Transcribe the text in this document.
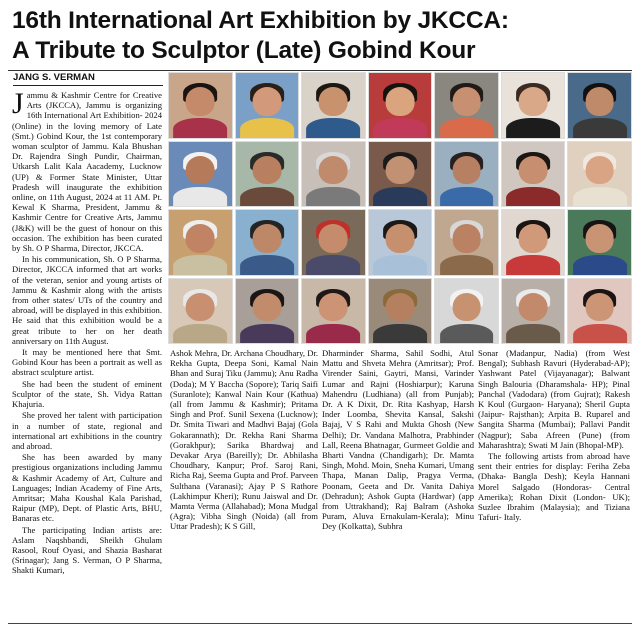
16th International Art Exhibition by JKCCA:
A Tribute to Sculptor (Late) Gobind Kour
JANG S. VERMAN

Jammu & Kashmir Centre for Creative Arts (JKCCA), Jammu is organizing 16th International Art Exhibition- 2024 (Online) in the loving memory of Late (Smt.) Gobind Kour, the 1st contemporary woman sculptor of Jammu. Kala Bhushan Dr. Rajendra Singh Pundir, Chairman, Utkarsh Lalit Kala Aacademy, Lucknow (UP) & Former State Minister, Uttar Pradesh will inaugurate the exhibition online, on 11th August, 2024 at 11 AM. Pt. Kewal K Sharma, President, Jammu & Kashmir Centre for Creative Arts, Jammu (J&K) will be the guest of honour on this occasion. The exhibition has been curated by Sh. O P Sharma, Director, JKCCA.

In his communication, Sh. O P Sharma, Director, JKCCA informed that art works of the veteran, senior and young artists of Jammu & Kashmir along with the artists from other states/ UTs of the country and abroad, will be displayed in this exhibition. He said that this exhibition would be a great tribute to her on her death anniversary on 11th August.

It may be mentioned here that Smt. Gobind Kour has been a portrait as well as abstract sculpture artist.

She had been the student of eminent Sculptor of the state, Sh. Vidya Rattan Khajuria.

She proved her talent with participation in a number of state, regional and international art exhibitions in the country and abroad.

She has been awarded by many prestigious organizations including Jammu & Kashmir Academy of Art, Culture and Languages; Indian Academy of Fine Arts, Amritsar; Maha Koushal Kala Parishad, Raipur (MP), Dept. of Plastic Arts, BHU, Banaras etc.

The participating Indian artists are: Aslam Naqshbandi, Sheikh Ghulam Rasool, Rouf Oyasi, and Shazia Basharat (Srinagar); Jang S. Verman, O P Sharma, Shakti Kumari,

Ashok Mehra, Dr. Archana Choudhary, Dr. Rekha Gupta, Deepa Soni, Kamal Nain Bhan and Suraj Tiku (Jammu); Anu Radha (Doda); M Y Baccha (Sopore); Tariq Saifi (Suranlote); Kanwal Nain Kour (Kathua) (all from Jammu & Kashmir); Pritama Singh and Prof. Sunil Sexena (Lucknow); Dr. Smita Tiwari and Madhvi Bajaj (Gola Gokarannath); Dr. Rekha Rani Sharma (Gorakhpur); Sarika Bhardwaj and Devakar Arya (Bareilly); Dr. Abhilasha Choudhary, Kanpur; Prof. Saroj Rani, Richa Raj, Seema Gupta and Prof. Parveen Sulthana (Varanasi); Ajay P S Rathore (Lakhimpur Kheri); Runu Jaiswal and Dr. Mamta Verma (Allahabad); Mona Mudgal (Agra); Vibha Singh (Noida) (all from Uttar Pradesh); K S Gill,

Dharminder Sharma, Sahil Sodhi, Atul Mattu and Shveta Mehra (Amritsar); Prof. Virender Saini, Gaytri, Mansi, Varinder Lumar and Rajni (Hoshiarpur); Karuna Mahendru (Ludhiana) (all from Punjab); Dr. A K Dixit, Dr. Rita Kashyap, Harsh Inder Loomba, Shevita Kansal, Sakshi Bajaj, V S Rahi and Mukta Ghosh (New Delhi); Dr. Vandana Malhotra, Prabhinder Lall, Reena Bhatnagar, Gurmeet Goldie and Bharti Vandna (Chandigarh); Dr. Mamta Singh, Mohd. Moin, Sneha Kumari, Umang Thapa, Manan Dalip, Pragya Verma, Poonam, Geeta and Dr. Vanita Dahiya (Dehradun); Ashok Gupta (Hardwar) (app from Uttrakhand); Raj Balram (Ashoka Puram, Aluva Ernakulam-Kerala); Minu Dey (Kolkatta), Subhra

Sonar (Madanpur, Nadia) (from West Bengal); Subhash Ravuri (Hyderabad-AP); Yashwant Patel (Vijayanagar); Balwant Singh Balouria (Dharamshala- HP); Pinal Panchal (Vadodara) (from Gujrat); Rakesh K Koul (Gurgaon- Haryana); Sheril Gupta (Jaipur- Rajsthan); Arpita B. Ruparel and Sangita Sharma (Mumbai); Pallavi Pandit (Nagpur); Saba Afreen (Pune) (from Maharashtra); Swati M Jain (Bhopal-MP).

The following artists from abroad have sent their entries for display: Feriha Zeba (Dhaka- Bangla Desh); Keyla Hannani Morel Salgado (Hondoras- Central Amerika); Rohan Dixit (London- UK); Suzlee Ibrahim (Malaysia); and Tiziana Tafuri- Italy.
